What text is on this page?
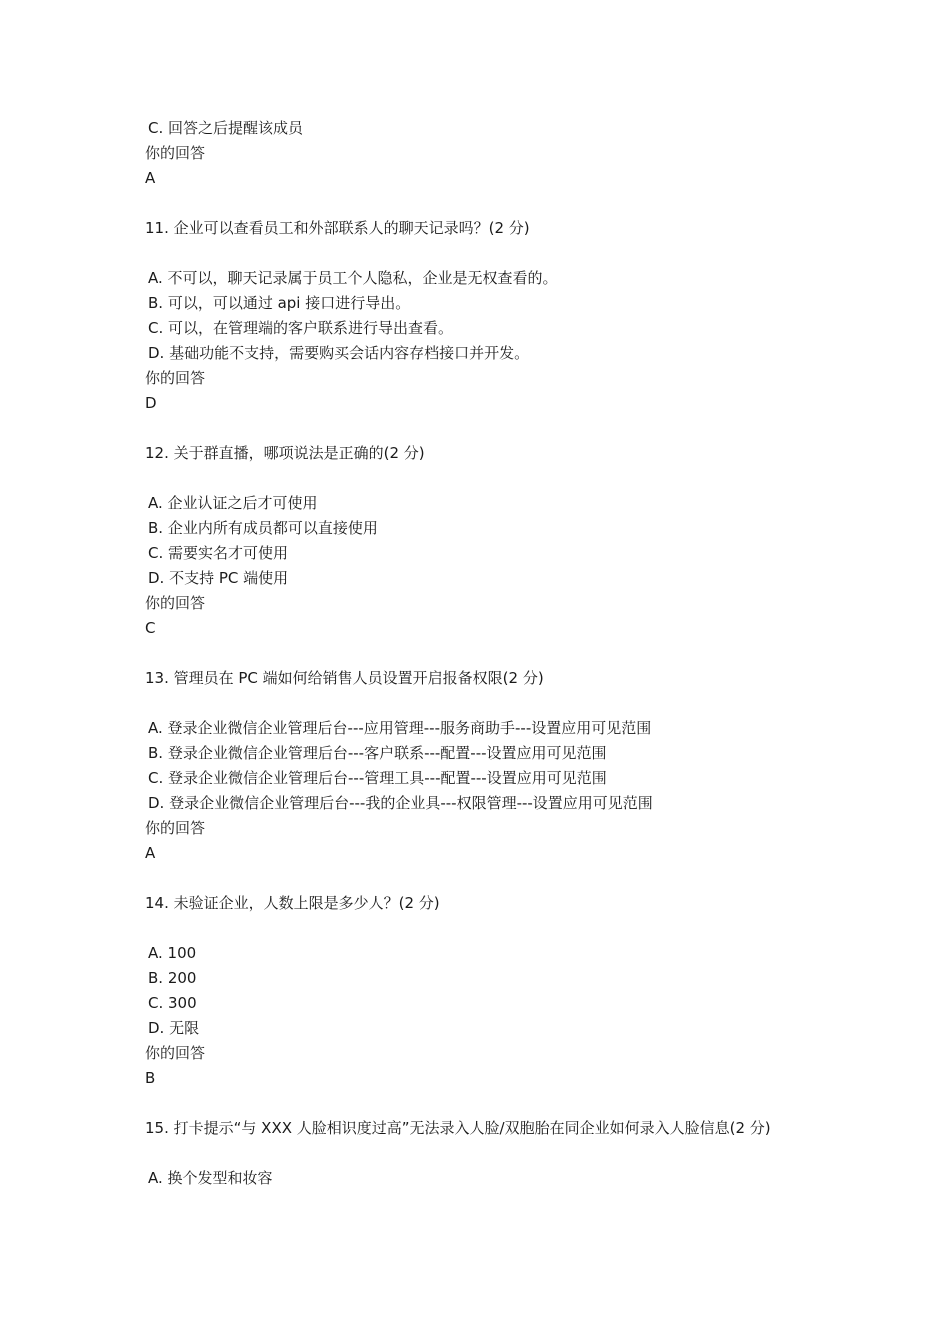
C. 回答之后提醒该成员
你的回答
A
11. 企业可以查看员工和外部联系人的聊天记录吗？(2 分)
A. 不可以，聊天记录属于员工个人隐私，企业是无权查看的。
B. 可以，可以通过 api 接口进行导出。
C. 可以，在管理端的客户联系进行导出查看。
D. 基础功能不支持，需要购买会话内容存档接口并开发。
你的回答
D
12. 关于群直播，哪项说法是正确的(2 分)
A. 企业认证之后才可使用
B. 企业内所有成员都可以直接使用
C. 需要实名才可使用
D. 不支持 PC 端使用
你的回答
C
13. 管理员在 PC 端如何给销售人员设置开启报备权限(2 分)
A. 登录企业微信企业管理后台---应用管理---服务商助手---设置应用可见范围
B. 登录企业微信企业管理后台---客户联系---配置---设置应用可见范围
C. 登录企业微信企业管理后台---管理工具---配置---设置应用可见范围
D. 登录企业微信企业管理后台---我的企业具---权限管理---设置应用可见范围
你的回答
A
14. 未验证企业，人数上限是多少人？(2 分)
A. 100
B. 200
C. 300
D. 无限
你的回答
B
15. 打卡提示“与 XXX 人脸相识度过高”无法录入人脸/双胞胎在同企业如何录入人脸信息(2 分)
A. 换个发型和妆容
